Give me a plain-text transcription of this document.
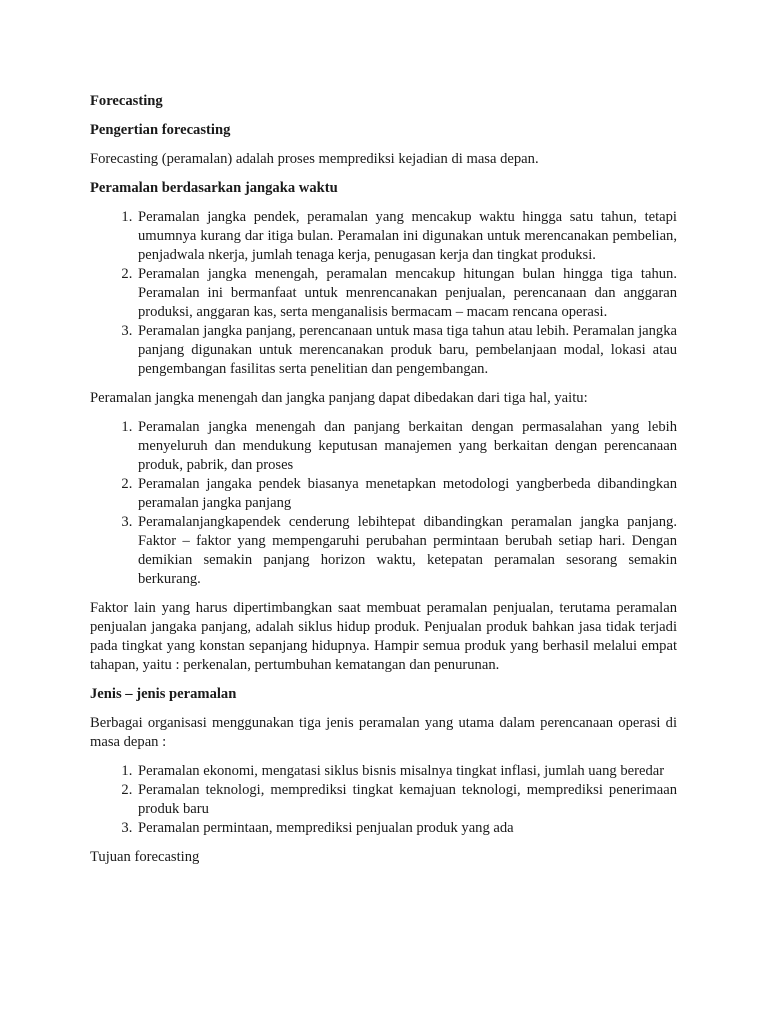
Forecasting

Pengertian forecasting

Forecasting (peramalan) adalah proses memprediksi kejadian di masa depan.

Peramalan berdasarkan jangaka waktu

1. Peramalan jangka pendek, peramalan yang mencakup waktu hingga satu tahun, tetapi umumnya kurang dar itiga bulan. Peramalan ini digunakan untuk merencanakan pembelian, penjadwala nkerja, jumlah tenaga kerja, penugasan kerja dan tingkat produksi.
2. Peramalan jangka menengah, peramalan mencakup hitungan bulan hingga tiga tahun. Peramalan ini bermanfaat untuk menrencanakan penjualan, perencanaan dan anggaran produksi, anggaran kas, serta menganalisis bermacam – macam rencana operasi.
3. Peramalan jangka panjang, perencanaan untuk masa tiga tahun atau lebih. Peramalan jangka panjang digunakan untuk merencanakan produk baru, pembelanjaan modal, lokasi atau pengembangan fasilitas serta penelitian dan pengembangan.

Peramalan jangka menengah dan jangka panjang dapat dibedakan dari tiga hal, yaitu:

1. Peramalan jangka menengah dan panjang berkaitan dengan permasalahan yang lebih menyeluruh dan mendukung keputusan manajemen yang berkaitan dengan perencanaan produk, pabrik, dan proses
2. Peramalan jangaka pendek biasanya menetapkan metodologi yangberbeda dibandingkan peramalan jangka panjang
3. Peramalanjangkapendek cenderung lebihtepat dibandingkan peramalan jangka panjang. Faktor – faktor yang mempengaruhi perubahan permintaan berubah setiap hari. Dengan demikian semakin panjang horizon waktu, ketepatan peramalan sesorang semakin berkurang.

Faktor lain yang harus dipertimbangkan saat membuat peramalan penjualan, terutama peramalan penjualan jangaka panjang, adalah siklus hidup produk. Penjualan produk bahkan jasa tidak terjadi pada tingkat yang konstan sepanjang hidupnya. Hampir semua produk yang berhasil melalui empat tahapan, yaitu : perkenalan, pertumbuhan kematangan dan penurunan.

Jenis – jenis peramalan

Berbagai organisasi menggunakan tiga jenis peramalan yang utama dalam perencanaan operasi di masa depan :

1. Peramalan ekonomi, mengatasi siklus bisnis misalnya tingkat inflasi, jumlah uang beredar
2. Peramalan teknologi, memprediksi tingkat kemajuan teknologi, memprediksi penerimaan produk baru
3. Peramalan permintaan, memprediksi penjualan produk yang ada

Tujuan forecasting
